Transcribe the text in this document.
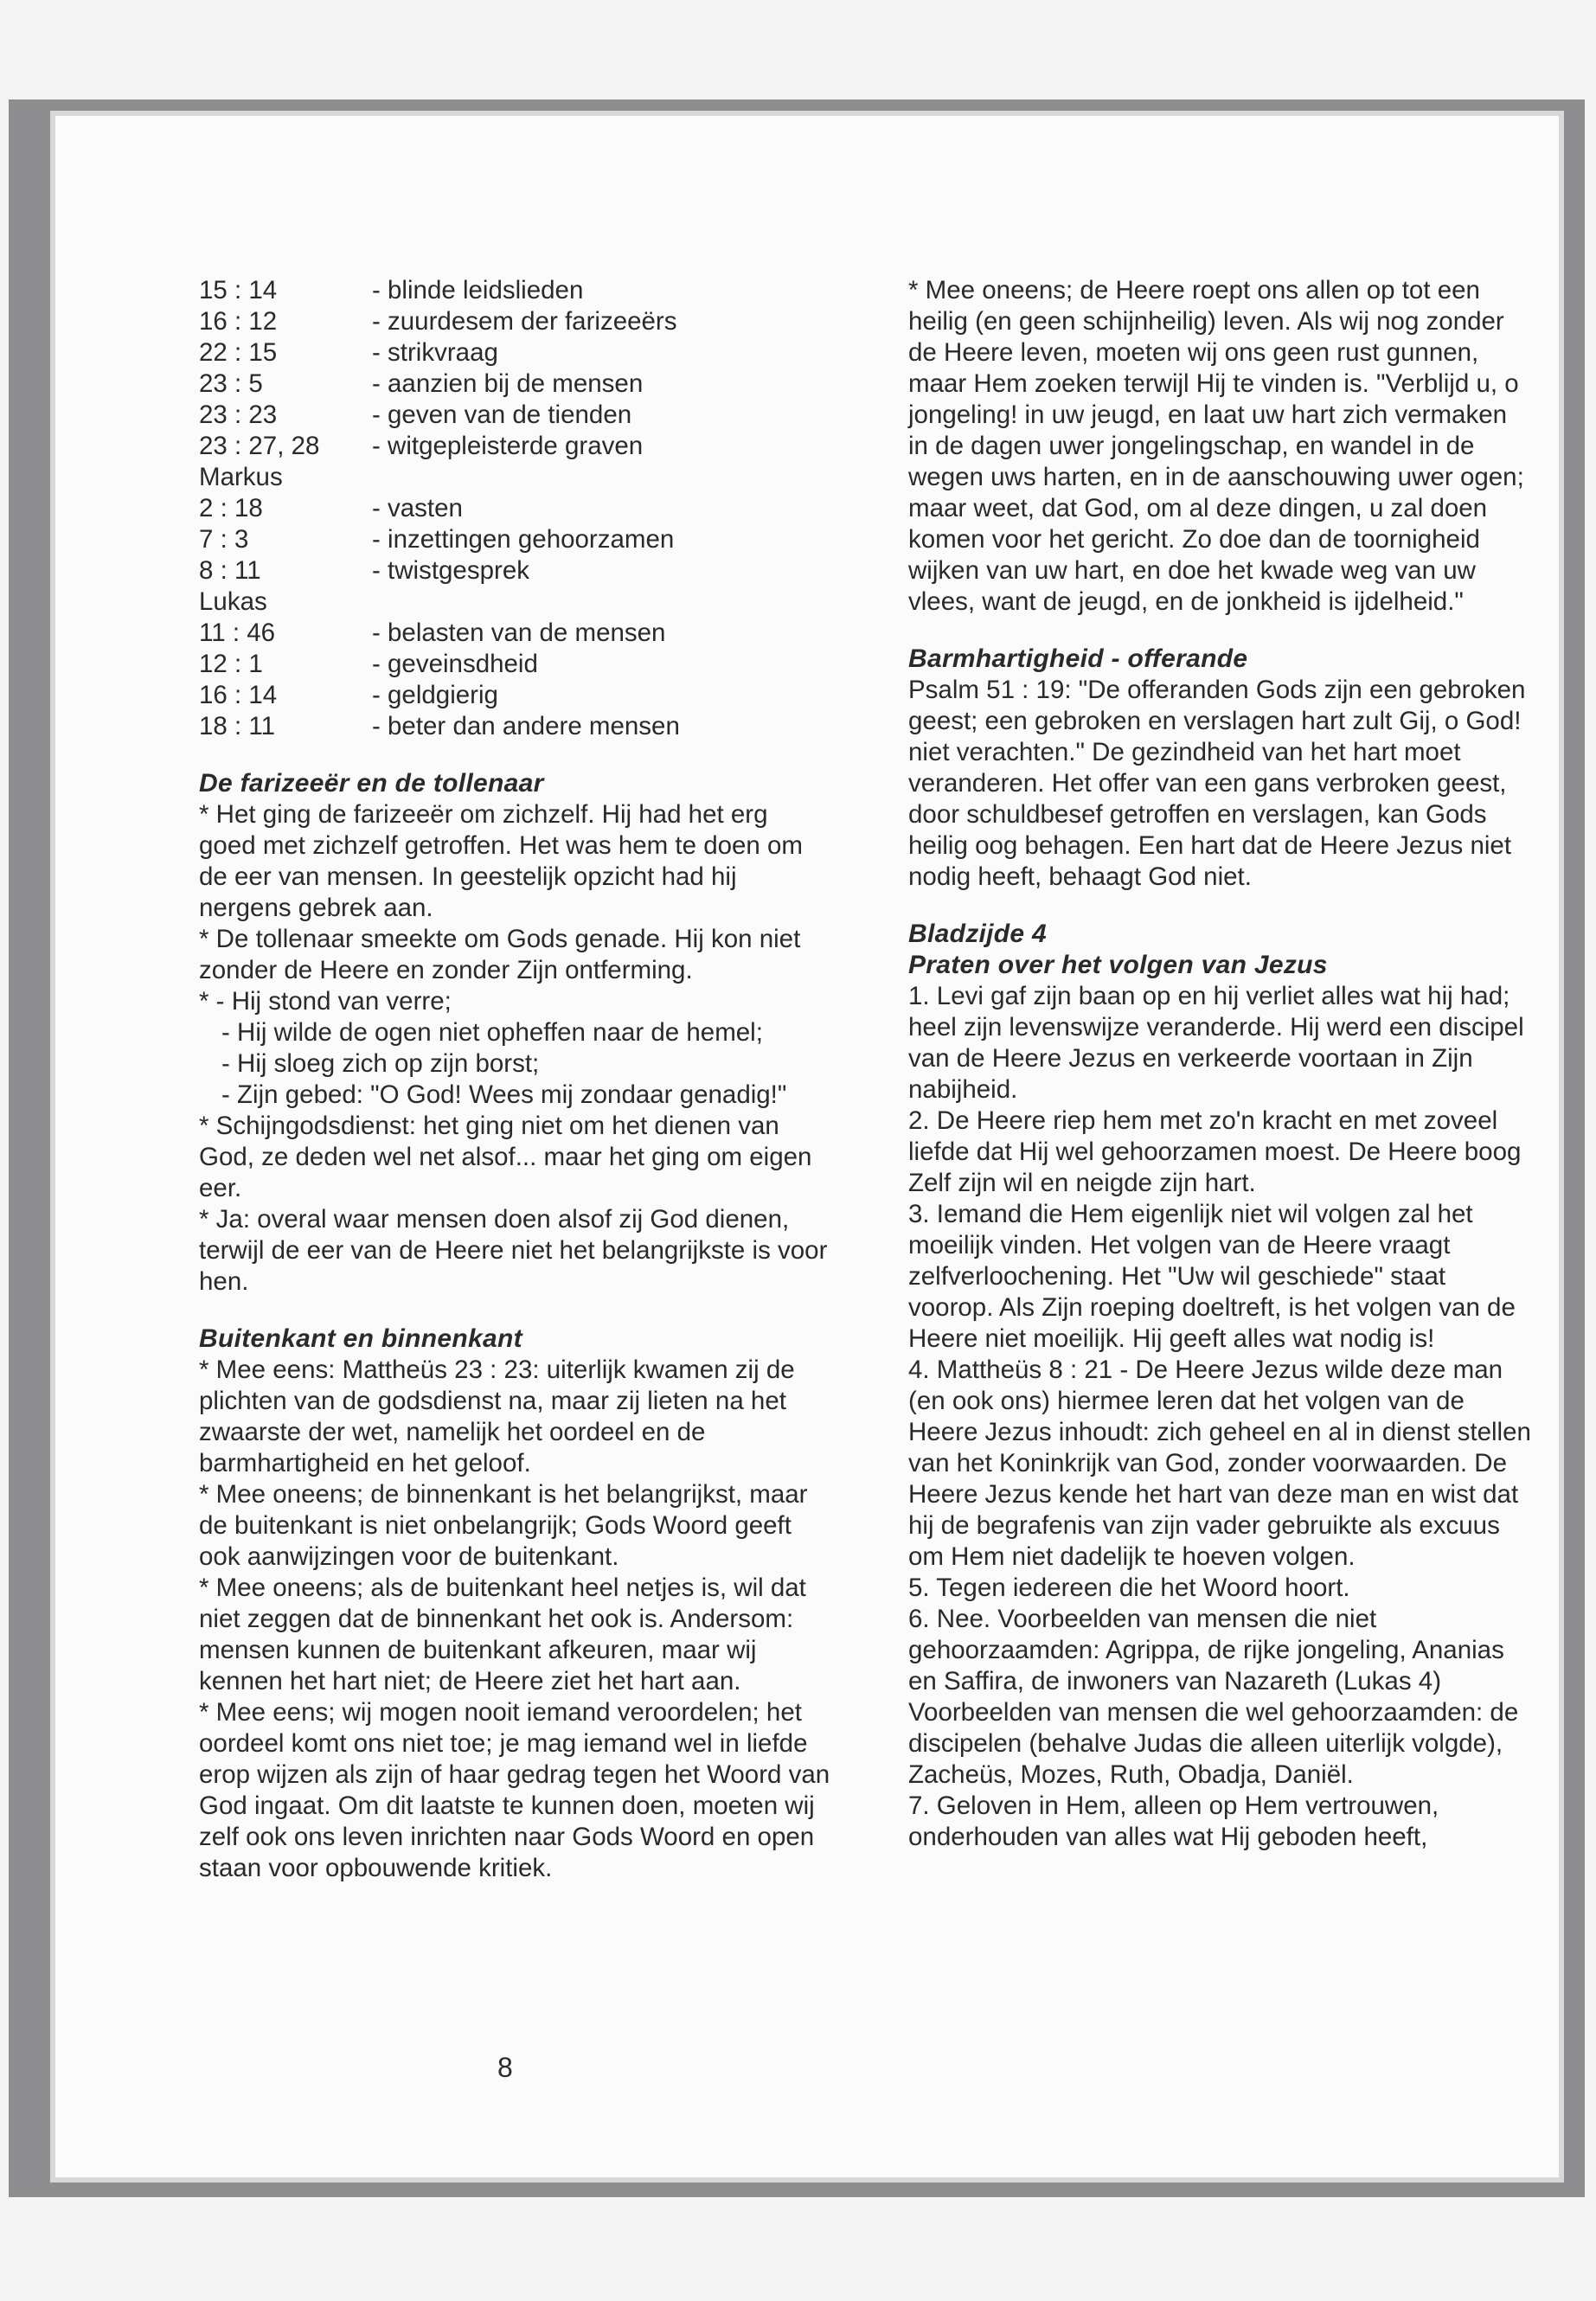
15 : 14	- blinde leidslieden
16 : 12	- zuurdesem der farizeeërs
22 : 15	- strikvraag
23 : 5	- aanzien bij de mensen
23 : 23	- geven van de tienden
23 : 27, 28	- witgepleisterde graven
Markus
2 : 18	- vasten
7 : 3	- inzettingen gehoorzamen
8 : 11	- twistgesprek
Lukas
11 : 46	- belasten van de mensen
12 : 1	- geveinsdheid
16 : 14	- geldgierig
18 : 11	- beter dan andere mensen
De farizeeër en de tollenaar

* Het ging de farizeeër om zichzelf. Hij had het erg goed met zichzelf getroffen. Het was hem te doen om de eer van mensen. In geestelijk opzicht had hij nergens gebrek aan.

* De tollenaar smeekte om Gods genade. Hij kon niet zonder de Heere en zonder Zijn ontferming.

* - Hij stond van verre;

- Hij wilde de ogen niet opheffen naar de hemel;

- Hij sloeg zich op zijn borst;

- Zijn gebed: "O God! Wees mij zondaar genadig!"

* Schijngodsdienst: het ging niet om het dienen van God, ze deden wel net alsof... maar het ging om eigen eer.

* Ja: overal waar mensen doen alsof zij God dienen, terwijl de eer van de Heere niet het belangrijkste is voor hen.

Buitenkant en binnenkant

* Mee eens: Mattheüs 23 : 23: uiterlijk kwamen zij de plichten van de godsdienst na, maar zij lieten na het zwaarste der wet, namelijk het oordeel en de barmhartigheid en het geloof.

* Mee oneens; de binnenkant is het belangrijkst, maar de buitenkant is niet onbelangrijk; Gods Woord geeft ook aanwijzingen voor de buitenkant.

* Mee oneens; als de buitenkant heel netjes is, wil dat niet zeggen dat de binnenkant het ook is. Andersom: mensen kunnen de buitenkant afkeuren, maar wij kennen het hart niet; de Heere ziet het hart aan.

* Mee eens; wij mogen nooit iemand veroordelen; het oordeel komt ons niet toe; je mag iemand wel in liefde erop wijzen als zijn of haar gedrag tegen het Woord van God ingaat. Om dit laatste te kunnen doen, moeten wij zelf ook ons leven inrichten naar Gods Woord en open staan voor opbouwende kritiek.

* Mee oneens; de Heere roept ons allen op tot een heilig (en geen schijnheilig) leven. Als wij nog zonder de Heere leven, moeten wij ons geen rust gunnen, maar Hem zoeken terwijl Hij te vinden is. "Verblijd u, o jongeling! in uw jeugd, en laat uw hart zich vermaken in de dagen uwer jongelingschap, en wandel in de wegen uws harten, en in de aanschouwing uwer ogen; maar weet, dat God, om al deze dingen, u zal doen komen voor het gericht. Zo doe dan de toornigheid wijken van uw hart, en doe het kwade weg van uw vlees, want de jeugd, en de jonkheid is ijdelheid."

Barmhartigheid - offerande

Psalm 51 : 19: "De offeranden Gods zijn een gebroken geest; een gebroken en verslagen hart zult Gij, o God! niet verachten." De gezindheid van het hart moet veranderen. Het offer van een gans verbroken geest, door schuldbesef getroffen en verslagen, kan Gods heilig oog behagen. Een hart dat de Heere Jezus niet nodig heeft, behaagt God niet.

Bladzijde 4
Praten over het volgen van Jezus

1. Levi gaf zijn baan op en hij verliet alles wat hij had; heel zijn levenswijze veranderde. Hij werd een discipel van de Heere Jezus en verkeerde voortaan in Zijn nabijheid.

2. De Heere riep hem met zo'n kracht en met zoveel liefde dat Hij wel gehoorzamen moest. De Heere boog Zelf zijn wil en neigde zijn hart.

3. Iemand die Hem eigenlijk niet wil volgen zal het moeilijk vinden. Het volgen van de Heere vraagt zelfverloochening. Het "Uw wil geschiede" staat voorop. Als Zijn roeping doeltreft, is het volgen van de Heere niet moeilijk. Hij geeft alles wat nodig is!

4. Mattheüs 8 : 21 - De Heere Jezus wilde deze man (en ook ons) hiermee leren dat het volgen van de Heere Jezus inhoudt: zich geheel en al in dienst stellen van het Koninkrijk van God, zonder voorwaarden. De Heere Jezus kende het hart van deze man en wist dat hij de begrafenis van zijn vader gebruikte als excuus om Hem niet dadelijk te hoeven volgen.

5. Tegen iedereen die het Woord hoort.

6. Nee. Voorbeelden van mensen die niet gehoorzaamden: Agrippa, de rijke jongeling, Ananias en Saffira, de inwoners van Nazareth (Lukas 4) Voorbeelden van mensen die wel gehoorzaamden: de discipelen (behalve Judas die alleen uiterlijk volgde), Zacheüs, Mozes, Ruth, Obadja, Daniël.

7. Geloven in Hem, alleen op Hem vertrouwen, onderhouden van alles wat Hij geboden heeft,

8
